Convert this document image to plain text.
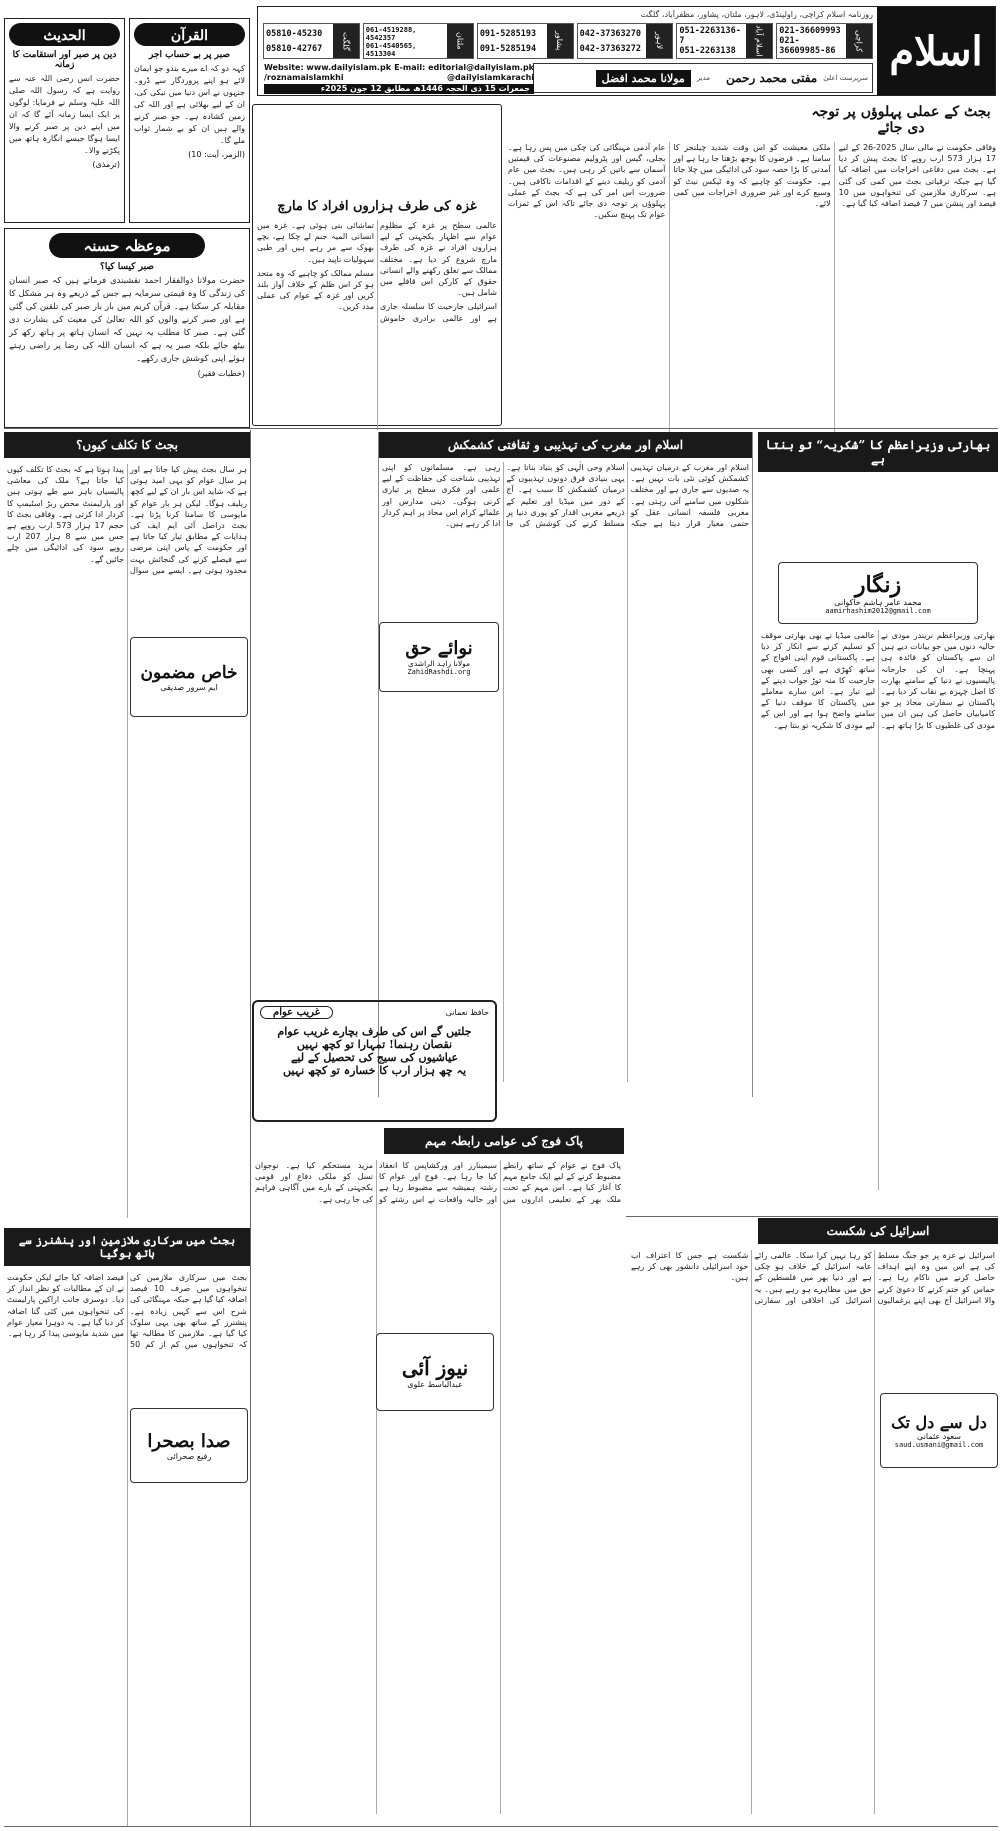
اسلام
روزنامہ اسلام کراچی، راولپنڈی، لاہور، ملتان، پشاور، مظفرآباد، گلگت
کراچی
021-36609993
021-36609985-86
اسلام آباد
051-2263136-7
051-2263138
لاہور
042-37363270
042-37363272
پشاور
091-5285193
091-5285194
ملتان
061-4519288, 4542357
061-4540565, 4513304
گلگت
05810-45230
05810-42767
سرپرست اعلیٰ
مفتی محمد رحمن
مدیر
مولانا محمد افضل
Website: www.dailyislam.pk E-mail: editorial@dailyislam.pk
/roznamaislamkhi	@dailyislamkarachi
جمعرات 15 ذی الحجہ 1446ھ مطابق 12 جون 2025ء
القرآن
صبر پر بے حساب اجر
کہہ دو کہ اے میرے بندو جو ایمان لائے ہو اپنے پروردگار سے ڈرو۔ جنہوں نے اس دنیا میں نیکی کی، ان کے لیے بھلائی ہے اور اللہ کی زمین کشادہ ہے۔ جو صبر کرنے والے ہیں ان کو بے شمار ثواب ملے گا۔
(الزمر، آیت: 10)
الحدیث
دین پر صبر اور استقامت کا زمانہ
حضرت انس رضی اللہ عنہ سے روایت ہے کہ رسول اللہ صلی اللہ علیہ وسلم نے فرمایا: لوگوں پر ایک ایسا زمانہ آئے گا کہ ان میں اپنے دین پر صبر کرنے والا ایسا ہوگا جیسے انگارہ ہاتھ میں پکڑنے والا۔
(ترمذی)
موعظہ حسنہ
صبر کیسا کیا؟
حضرت مولانا ذوالفقار احمد نقشبندی فرماتے ہیں کہ صبر انسان کی زندگی کا وہ قیمتی سرمایہ ہے جس کے ذریعے وہ ہر مشکل کا مقابلہ کر سکتا ہے۔ قرآن کریم میں بار بار صبر کی تلقین کی گئی ہے اور صبر کرنے والوں کو اللہ تعالیٰ کی معیت کی بشارت دی گئی ہے۔ صبر کا مطلب یہ نہیں کہ انسان ہاتھ پر ہاتھ رکھ کر بیٹھ جائے بلکہ صبر یہ ہے کہ انسان اللہ کی رضا پر راضی رہتے ہوئے اپنی کوشش جاری رکھے۔
(خطبات فقیر)
بجٹ کے عملی پہلوؤں پر توجہ دی جائے

وفاقی حکومت نے مالی سال 2025-26 کے لیے 17 ہزار 573 ارب روپے کا بجٹ پیش کر دیا ہے۔ بجٹ میں دفاعی اخراجات میں اضافہ کیا گیا ہے جبکہ ترقیاتی بجٹ میں کمی کی گئی ہے۔ سرکاری ملازمین کی تنخواہوں میں 10 فیصد اور پنشن میں 7 فیصد اضافہ کیا گیا ہے۔

ملکی معیشت کو اس وقت شدید چیلنجز کا سامنا ہے۔ قرضوں کا بوجھ بڑھتا جا رہا ہے اور آمدنی کا بڑا حصہ سود کی ادائیگی میں چلا جاتا ہے۔ حکومت کو چاہیے کہ وہ ٹیکس نیٹ کو وسیع کرے اور غیر ضروری اخراجات میں کمی لائے۔

عام آدمی مہنگائی کی چکی میں پس رہا ہے۔ بجلی، گیس اور پٹرولیم مصنوعات کی قیمتیں آسمان سے باتیں کر رہی ہیں۔ بجٹ میں عام آدمی کو ریلیف دینے کے اقدامات ناکافی ہیں۔ ضرورت اس امر کی ہے کہ بجٹ کے عملی پہلوؤں پر توجہ دی جائے تاکہ اس کے ثمرات عوام تک پہنچ سکیں۔

غزہ کی طرف ہزاروں افراد کا مارچ

عالمی سطح پر غزہ کے مظلوم عوام سے اظہار یکجہتی کے لیے ہزاروں افراد نے غزہ کی طرف مارچ شروع کر دیا ہے۔ مختلف ممالک سے تعلق رکھنے والے انسانی حقوق کے کارکن اس قافلے میں شامل ہیں۔

اسرائیلی جارحیت کا سلسلہ جاری ہے اور عالمی برادری خاموش تماشائی بنی ہوئی ہے۔ غزہ میں انسانی المیہ جنم لے چکا ہے، بچے بھوک سے مر رہے ہیں اور طبی سہولیات ناپید ہیں۔

مسلم ممالک کو چاہیے کہ وہ متحد ہو کر اس ظلم کے خلاف آواز بلند کریں اور غزہ کے عوام کی عملی مدد کریں۔

بھارتی وزیراعظم کا ”شکریہ“ تو بنتا ہے
زنگار
محمد عامر ہاشم خاکوانی
aamirhashim2012@gmail.com
بھارتی وزیراعظم نریندر مودی نے حالیہ دنوں میں جو بیانات دیے ہیں ان سے پاکستان کو فائدہ ہی پہنچا ہے۔ ان کی جارحانہ پالیسیوں نے دنیا کے سامنے بھارت کا اصل چہرہ بے نقاب کر دیا ہے۔ پاکستان نے سفارتی محاذ پر جو کامیابیاں حاصل کی ہیں ان میں مودی کی غلطیوں کا بڑا ہاتھ ہے۔ عالمی میڈیا نے بھی بھارتی موقف کو تسلیم کرنے سے انکار کر دیا ہے۔ پاکستانی قوم اپنی افواج کے ساتھ کھڑی ہے اور کسی بھی جارحیت کا منہ توڑ جواب دینے کے لیے تیار ہے۔ اس سارے معاملے میں پاکستان کا موقف دنیا کے سامنے واضح ہوا ہے اور اس کے لیے مودی کا شکریہ تو بنتا ہے۔
اسلام اور مغرب کی تہذیبی و ثقافتی کشمکش
نوائے حق
مولانا زاہد الراشدی
ZahidRashdi.org
اسلام اور مغرب کے درمیان تہذیبی کشمکش کوئی نئی بات نہیں ہے۔ یہ صدیوں سے جاری ہے اور مختلف شکلوں میں سامنے آتی رہتی ہے۔ مغربی فلسفہ انسانی عقل کو حتمی معیار قرار دیتا ہے جبکہ اسلام وحی الٰہی کو بنیاد بناتا ہے۔ یہی بنیادی فرق دونوں تہذیبوں کے درمیان کشمکش کا سبب ہے۔ آج کے دور میں میڈیا اور تعلیم کے ذریعے مغربی اقدار کو پوری دنیا پر مسلط کرنے کی کوشش کی جا رہی ہے۔ مسلمانوں کو اپنی تہذیبی شناخت کی حفاظت کے لیے علمی اور فکری سطح پر تیاری کرنی ہوگی۔ دینی مدارس اور علمائے کرام اس محاذ پر اہم کردار ادا کر رہے ہیں۔
بجٹ کا تکلف کیوں؟
خاص مضمون
ایم سرور صدیقی
ہر سال بجٹ پیش کیا جاتا ہے اور ہر سال عوام کو یہی امید ہوتی ہے کہ شاید اس بار ان کے لیے کچھ ریلیف ہوگا۔ لیکن ہر بار عوام کو مایوسی کا سامنا کرنا پڑتا ہے۔ بجٹ دراصل آئی ایم ایف کی ہدایات کے مطابق تیار کیا جاتا ہے اور حکومت کے پاس اپنی مرضی سے فیصلے کرنے کی گنجائش بہت محدود ہوتی ہے۔ ایسے میں سوال پیدا ہوتا ہے کہ بجٹ کا تکلف کیوں کیا جاتا ہے؟ ملک کی معاشی پالیسیاں باہر سے طے ہوتی ہیں اور پارلیمنٹ محض ربڑ اسٹیمپ کا کردار ادا کرتی ہے۔ وفاقی بجٹ کا حجم 17 ہزار 573 ارب روپے ہے جس میں سے 8 ہزار 207 ارب روپے سود کی ادائیگی میں چلے جائیں گے۔
غریب عوام	حافظ نعمانی
جلتیں گے اس کی طرف بچارے غریب عوام
نقصان رہنما! تمہارا تو کچھ نہیں
عیاشیوں کی سیج کی تحصیل کے لیے
یہ چھ ہزار ارب کا خسارہ تو کچھ نہیں
پاک فوج کی عوامی رابطہ مہم
نیوز آئی
عبدالباسط علوی
پاک فوج نے عوام کے ساتھ رابطے مضبوط کرنے کے لیے ایک جامع مہم کا آغاز کیا ہے۔ اس مہم کے تحت ملک بھر کے تعلیمی اداروں میں سیمینارز اور ورکشاپس کا انعقاد کیا جا رہا ہے۔ فوج اور عوام کا رشتہ ہمیشہ سے مضبوط رہا ہے اور حالیہ واقعات نے اس رشتے کو مزید مستحکم کیا ہے۔ نوجوان نسل کو ملکی دفاع اور قومی یکجہتی کے بارے میں آگاہی فراہم کی جا رہی ہے۔
اسرائیل کی شکست
دل سے دل تک
سعود عثمانی
saud.usmani@gmail.com
اسرائیل نے غزہ پر جو جنگ مسلط کی ہے اس میں وہ اپنے اہداف حاصل کرنے میں ناکام رہا ہے۔ حماس کو ختم کرنے کا دعویٰ کرنے والا اسرائیل آج بھی اپنے یرغمالیوں کو رہا نہیں کرا سکا۔ عالمی رائے عامہ اسرائیل کے خلاف ہو چکی ہے اور دنیا بھر میں فلسطین کے حق میں مظاہرے ہو رہے ہیں۔ یہ اسرائیل کی اخلاقی اور سفارتی شکست ہے جس کا اعتراف اب خود اسرائیلی دانشور بھی کر رہے ہیں۔
بجٹ میں سرکاری ملازمین اور پنشنرز سے ہاتھ ہوگیا
صدا بصحرا
رفیع صحرائی
بجٹ میں سرکاری ملازمین کی تنخواہوں میں صرف 10 فیصد اضافہ کیا گیا ہے جبکہ مہنگائی کی شرح اس سے کہیں زیادہ ہے۔ پنشنرز کے ساتھ بھی یہی سلوک کیا گیا ہے۔ ملازمین کا مطالبہ تھا کہ تنخواہوں میں کم از کم 50 فیصد اضافہ کیا جائے لیکن حکومت نے ان کے مطالبات کو نظر انداز کر دیا۔ دوسری جانب اراکین پارلیمنٹ کی تنخواہوں میں کئی گنا اضافہ کر دیا گیا ہے۔ یہ دوہرا معیار عوام میں شدید مایوسی پیدا کر رہا ہے۔
